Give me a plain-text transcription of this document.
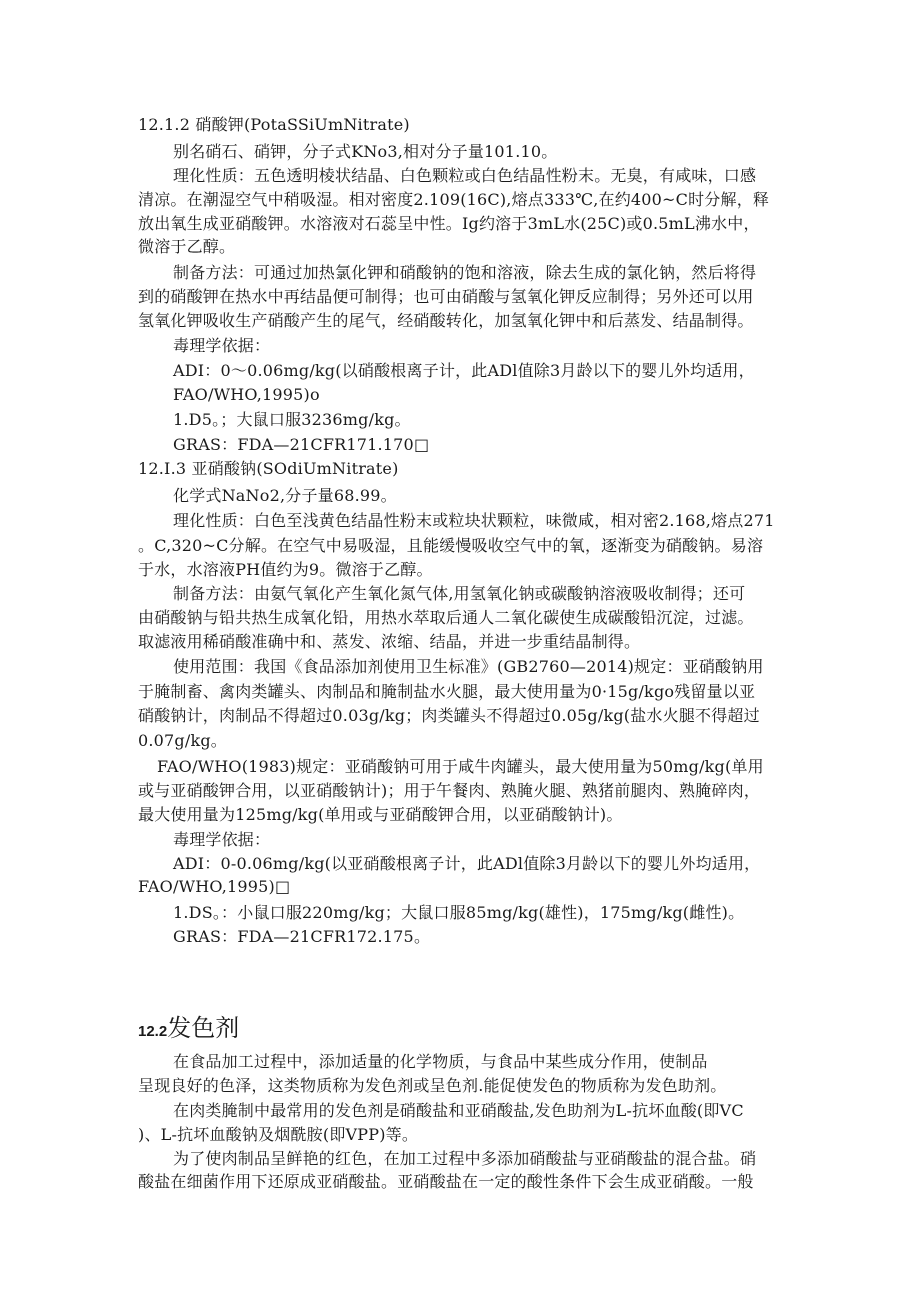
12.1.2 硝酸钾(PotaSSiUmNitrate)
别名硝石、硝钾，分子式KNo3,相对分子量101.10。
理化性质：五色透明棱状结晶、白色颗粒或白色结晶性粉末。无臭，有咸味，口感
清凉。在潮湿空气中稍吸湿。相对密度2.109(16C),熔点333℃,在约400~C时分解，释
放出氧生成亚硝酸钾。水溶液对石蕊呈中性。Ig约溶于3mL水(25C)或0.5mL沸水中，
微溶于乙醇。
制备方法：可通过加热氯化钾和硝酸钠的饱和溶液，除去生成的氯化钠，然后将得
到的硝酸钾在热水中再结晶便可制得；也可由硝酸与氢氧化钾反应制得；另外还可以用
氢氧化钾吸收生产硝酸产生的尾气，经硝酸转化，加氢氧化钾中和后蒸发、结晶制得。
毒理学依据：
ADI：0～0.06mg/kg(以硝酸根离子计，此ADl值除3月龄以下的婴儿外均适用，
FAO/WHO,1995)o
1.D5。；大鼠口服3236mg/kg。
GRAS：FDA—21CFR171.170□
12.I.3 亚硝酸钠(SOdiUmNitrate)
化学式NaNo2,分子量68.99。
理化性质：白色至浅黄色结晶性粉末或粒块状颗粒，味微咸，相对密2.168,熔点271
。C,320~C分解。在空气中易吸湿，且能缓慢吸收空气中的氧，逐渐变为硝酸钠。易溶
于水，水溶液PH值约为9。微溶于乙醇。
制备方法：由氨气氧化产生氧化氮气体,用氢氧化钠或碳酸钠溶液吸收制得；还可
由硝酸钠与铅共热生成氧化铅，用热水萃取后通人二氧化碳使生成碳酸铅沉淀，过滤。
取滤液用稀硝酸准确中和、蒸发、浓缩、结晶，并进一步重结晶制得。
使用范围：我国《食品添加剂使用卫生标准》(GB2760—2014)规定：亚硝酸钠用
于腌制畜、禽肉类罐头、肉制品和腌制盐水火腿，最大使用量为0·15g/kgo残留量以亚
硝酸钠计，肉制品不得超过0.03g/kg；肉类罐头不得超过0.05g/kg(盐水火腿不得超过
0.07g/kg。
FAO/WHO(1983)规定：亚硝酸钠可用于咸牛肉罐头，最大使用量为50mg/kg(单用
或与亚硝酸钾合用，以亚硝酸钠计)；用于午餐肉、熟腌火腿、熟猪前腿肉、熟腌碎肉，
最大使用量为125mg/kg(单用或与亚硝酸钾合用，以亚硝酸钠计)。
毒理学依据：
ADI：0-0.06mg/kg(以亚硝酸根离子计，此ADl值除3月龄以下的婴儿外均适用，
FAO/WHO,1995)□
1.DS。：小鼠口服220mg/kg；大鼠口服85mg/kg(雄性)，175mg/kg(雌性)。
GRAS：FDA—21CFR172.175。
12.2发色剂
在食品加工过程中，添加适量的化学物质，与食品中某些成分作用，使制品
呈现良好的色泽，这类物质称为发色剂或呈色剂.能促使发色的物质称为发色助剂。
在肉类腌制中最常用的发色剂是硝酸盐和亚硝酸盐,发色助剂为L-抗坏血酸(即VC
)、L-抗坏血酸钠及烟酰胺(即VPP)等。
为了使肉制品呈鲜艳的红色，在加工过程中多添加硝酸盐与亚硝酸盐的混合盐。硝
酸盐在细菌作用下还原成亚硝酸盐。亚硝酸盐在一定的酸性条件下会生成亚硝酸。一般
